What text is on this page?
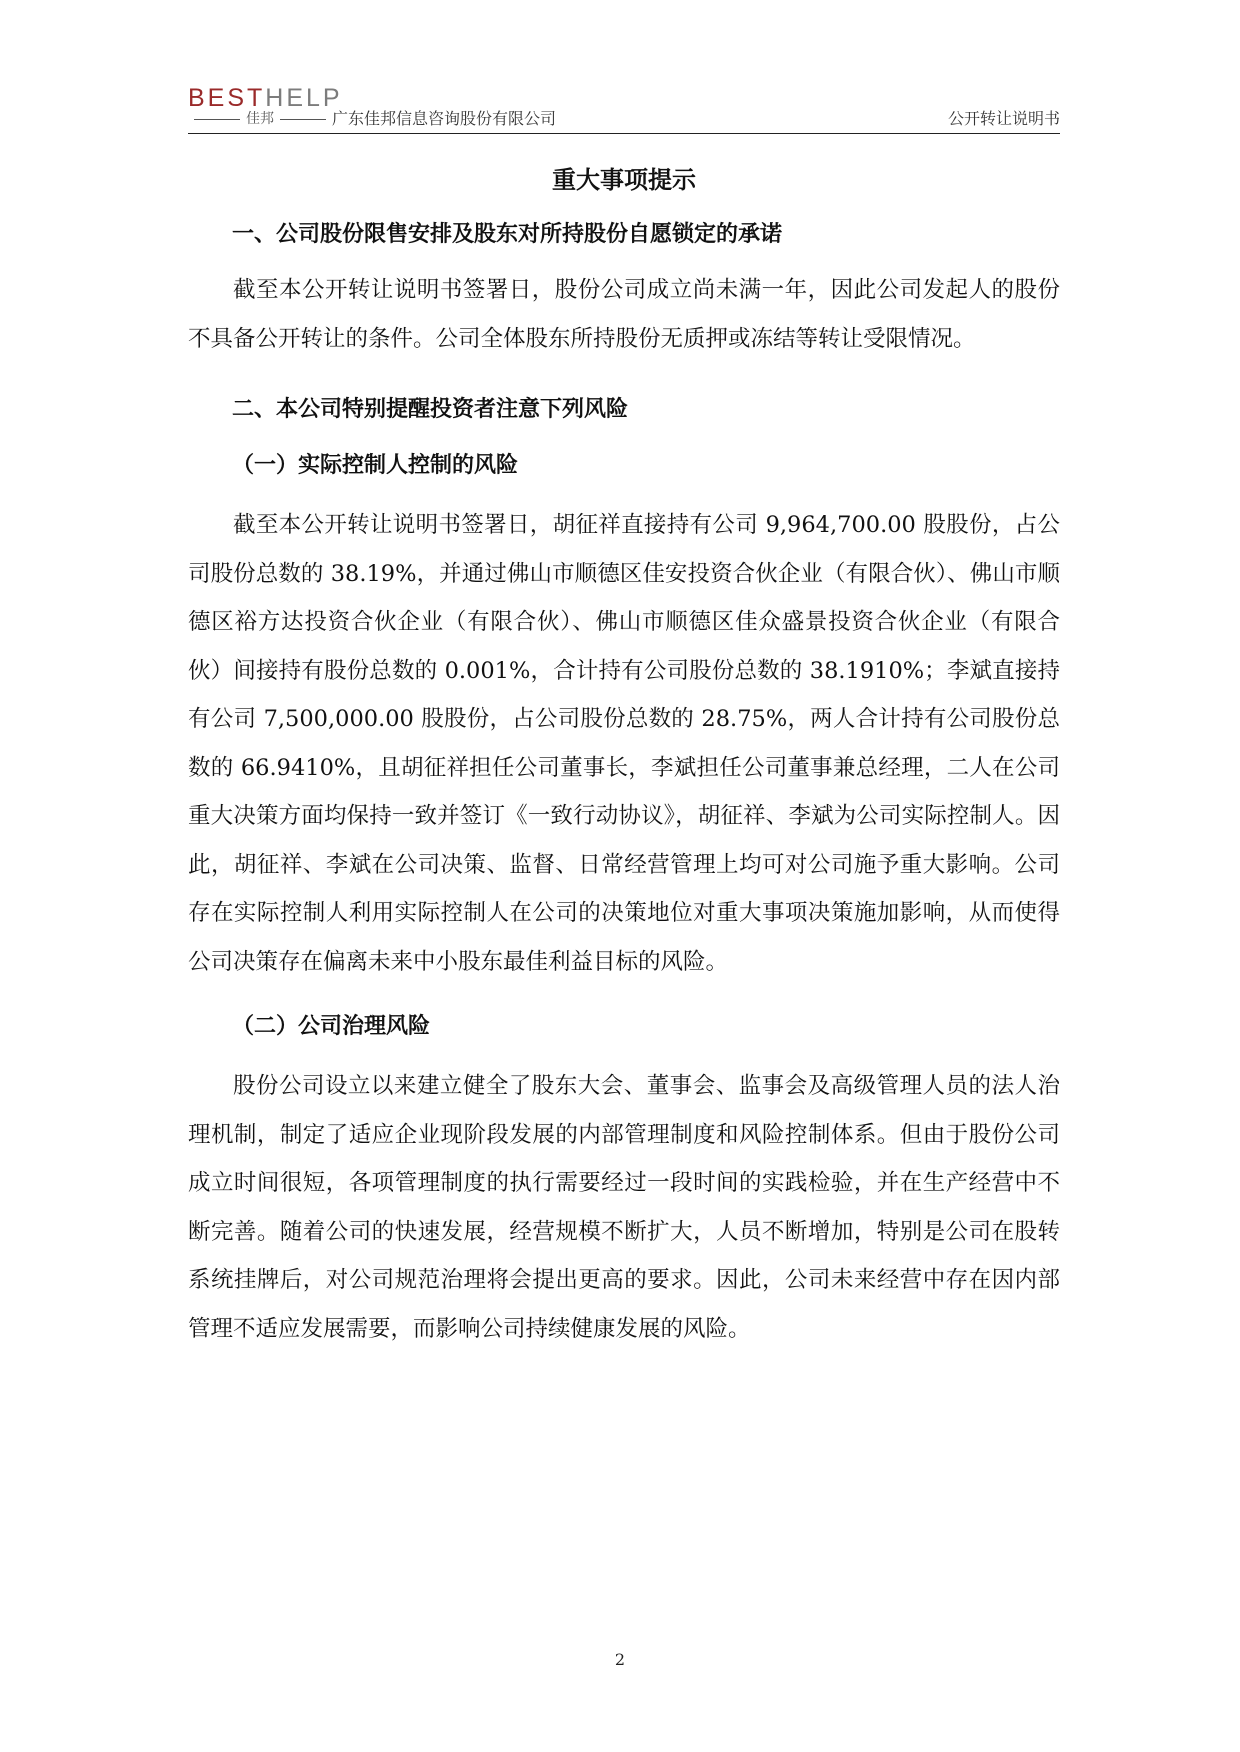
BESTHELP
佳邦	广东佳邦信息咨询股份有限公司	公开转让说明书
重大事项提示
一、公司股份限售安排及股东对所持股份自愿锁定的承诺

截至本公开转让说明书签署日，股份公司成立尚未满一年，因此公司发起人的股份不具备公开转让的条件。公司全体股东所持股份无质押或冻结等转让受限情况。

二、本公司特别提醒投资者注意下列风险
（一）实际控制人控制的风险

截至本公开转让说明书签署日，胡征祥直接持有公司 9,964,700.00 股股份，占公司股份总数的 38.19%，并通过佛山市顺德区佳安投资合伙企业（有限合伙）、佛山市顺德区裕方达投资合伙企业（有限合伙）、佛山市顺德区佳众盛景投资合伙企业（有限合伙）间接持有股份总数的 0.001%，合计持有公司股份总数的 38.1910%；李斌直接持有公司 7,500,000.00 股股份，占公司股份总数的 28.75%，两人合计持有公司股份总数的 66.9410%，且胡征祥担任公司董事长，李斌担任公司董事兼总经理，二人在公司重大决策方面均保持一致并签订《一致行动协议》，胡征祥、李斌为公司实际控制人。因此，胡征祥、李斌在公司决策、监督、日常经营管理上均可对公司施予重大影响。公司存在实际控制人利用实际控制人在公司的决策地位对重大事项决策施加影响，从而使得公司决策存在偏离未来中小股东最佳利益目标的风险。

（二）公司治理风险

股份公司设立以来建立健全了股东大会、董事会、监事会及高级管理人员的法人治理机制，制定了适应企业现阶段发展的内部管理制度和风险控制体系。但由于股份公司成立时间很短，各项管理制度的执行需要经过一段时间的实践检验，并在生产经营中不断完善。随着公司的快速发展，经营规模不断扩大，人员不断增加，特别是公司在股转系统挂牌后，对公司规范治理将会提出更高的要求。因此，公司未来经营中存在因内部管理不适应发展需要，而影响公司持续健康发展的风险。

2
